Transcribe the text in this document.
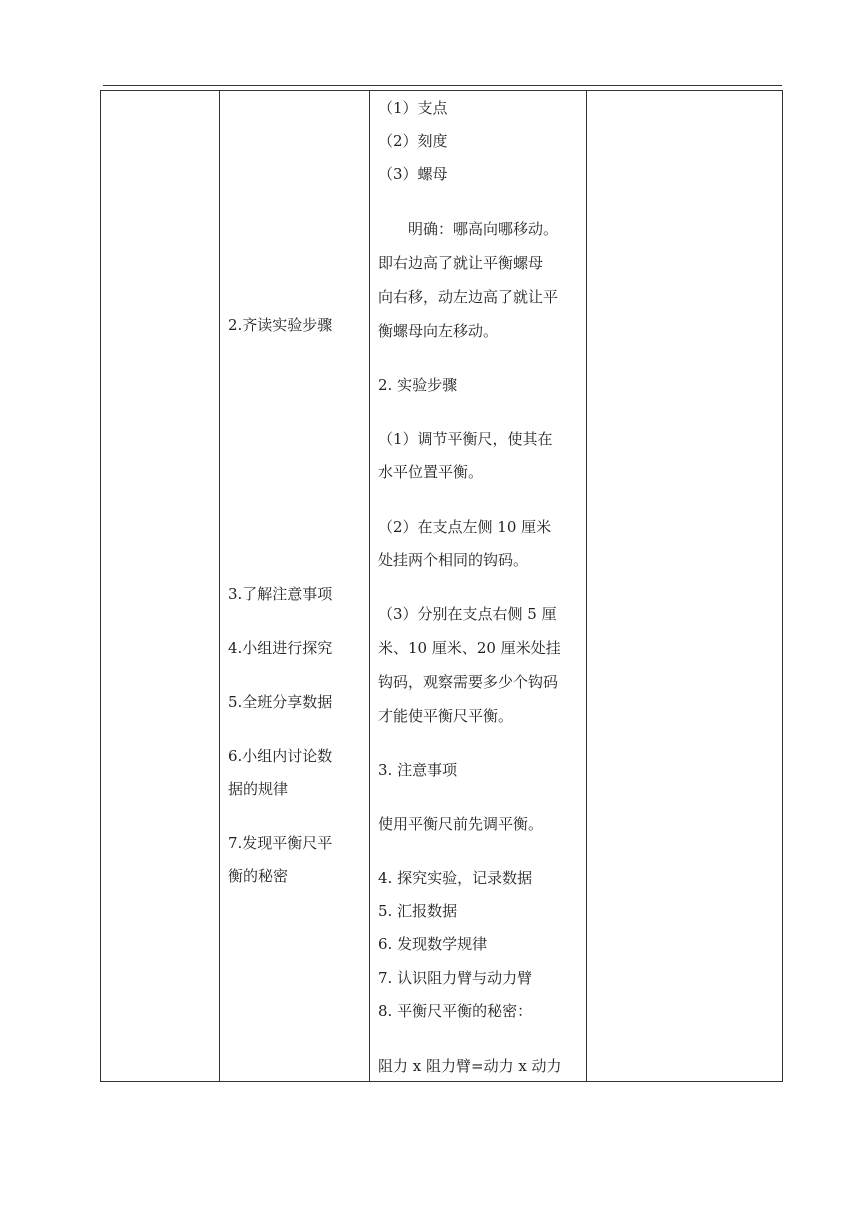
2.齐读实验步骤
3.了解注意事项
4.小组进行探究
5.全班分享数据
6.小组内讨论数
据的规律
7.发现平衡尺平
衡的秘密
（1）支点
（2）刻度
（3）螺母
明确：哪高向哪移动。
即右边高了就让平衡螺母
向右移，动左边高了就让平
衡螺母向左移动。
2. 实验步骤
（1）调节平衡尺，使其在
水平位置平衡。
（2）在支点左侧 10 厘米
处挂两个相同的钩码。
（3）分别在支点右侧 5 厘
米、10 厘米、20 厘米处挂
钩码，观察需要多少个钩码
才能使平衡尺平衡。
3. 注意事项
使用平衡尺前先调平衡。
4. 探究实验，记录数据
5. 汇报数据
6. 发现数学规律
7. 认识阻力臂与动力臂
8. 平衡尺平衡的秘密：
阻力 x 阻力臂=动力 x 动力
